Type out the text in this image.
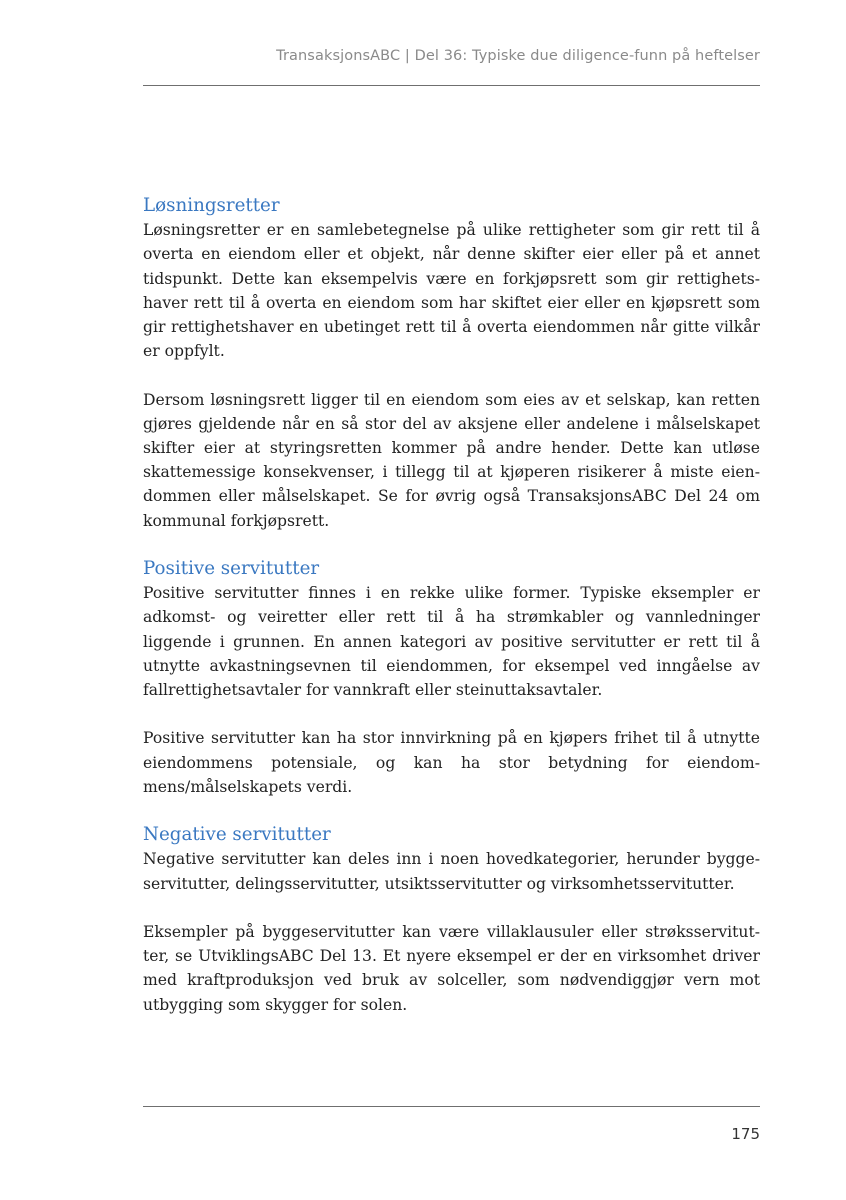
TransaksjonsABC | Del 36: Typiske due diligence-funn på heftelser
Løsningsretter

Løsningsretter er en samlebetegnelse på ulike rettigheter som gir rett til å overta en eiendom eller et objekt, når denne skifter eier eller på et annet tidspunkt. Dette kan eksempelvis være en forkjøpsrett som gir rettighetshaver rett til å overta en eiendom som har skiftet eier eller en kjøpsrett som gir rettighetshaver en ubetinget rett til å overta eiendommen når gitte vilkår er oppfylt.

Dersom løsningsrett ligger til en eiendom som eies av et selskap, kan retten gjøres gjeldende når en så stor del av aksjene eller andelene i målselskapet skifter eier at styringsretten kommer på andre hender. Dette kan utløse skattemessige konsekvenser, i tillegg til at kjøperen risikerer å miste eiendommen eller målselskapet. Se for øvrig også TransaksjonsABC Del 24 om kommunal forkjøpsrett.

Positive servitutter

Positive servitutter finnes i en rekke ulike former. Typiske eksempler er adkomst- og veiretter eller rett til å ha strømkabler og vannledninger liggende i grunnen. En annen kategori av positive servitutter er rett til å utnytte avkastningsevnen til eiendommen, for eksempel ved inngåelse av fallrettighetsavtaler for vannkraft eller steinuttaksavtaler.

Positive servitutter kan ha stor innvirkning på en kjøpers frihet til å utnytte eiendommens potensiale, og kan ha stor betydning for eiendommens/målselskapets verdi.

Negative servitutter

Negative servitutter kan deles inn i noen hovedkategorier, herunder byggeservitutter, delingsservitutter, utsiktsservitutter og virksomhetsservitutter.

Eksempler på byggeservitutter kan være villaklausuler eller strøksservitutter, se UtviklingsABC Del 13. Et nyere eksempel er der en virksomhet driver med kraftproduksjon ved bruk av solceller, som nødvendiggjør vern mot utbygging som skygger for solen.

175
